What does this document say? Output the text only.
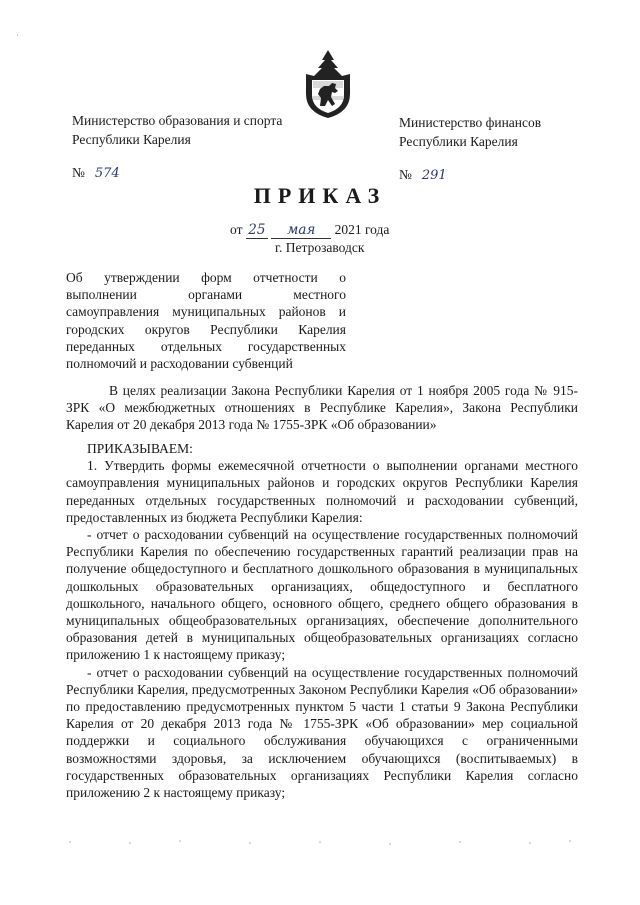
·
Министерство образования и спорта
Республики Карелия
№ 574
Министерство финансов
Республики Карелия
№ 291
ПРИКАЗ
от 25 мая 2021 года
г. Петрозаводск
Об утверждении форм отчетности о выполнении органами местного самоуправления муниципальных районов и городских округов Республики Карелия переданных отдельных государственных полномочий и расходовании субвенций
В целях реализации Закона Республики Карелия от 1 ноября 2005 года № 915-ЗРК «О межбюджетных отношениях в Республике Карелия», Закона Республики Карелия от 20 декабря 2013 года № 1755-ЗРК «Об образовании»
ПРИКАЗЫВАЕМ:

1. Утвердить формы ежемесячной отчетности о выполнении органами местного самоуправления муниципальных районов и городских округов Республики Карелия переданных отдельных государственных полномочий и расходовании субвенций, предоставленных из бюджета Республики Карелия:

- отчет о расходовании субвенций на осуществление государственных полномочий Республики Карелия по обеспечению государственных гарантий реализации прав на получение общедоступного и бесплатного дошкольного образования в муниципальных дошкольных образовательных организациях, общедоступного и бесплатного дошкольного, начального общего, основного общего, среднего общего образования в муниципальных общеобразовательных организациях, обеспечение дополнительного образования детей в муниципальных общеобразовательных организациях согласно приложению 1 к настоящему приказу;

- отчет о расходовании субвенций на осуществление государственных полномочий Республики Карелия, предусмотренных Законом Республики Карелия «Об образовании» по предоставлению предусмотренных пунктом 5 части 1 статьи 9 Закона Республики Карелия от 20 декабря 2013 года № 1755-ЗРК «Об образовании» мер социальной поддержки и социального обслуживания обучающихся с ограниченными возможностями здоровья, за исключением обучающихся (воспитываемых) в государственных образовательных организациях Республики Карелия согласно приложению 2 к настоящему приказу;
